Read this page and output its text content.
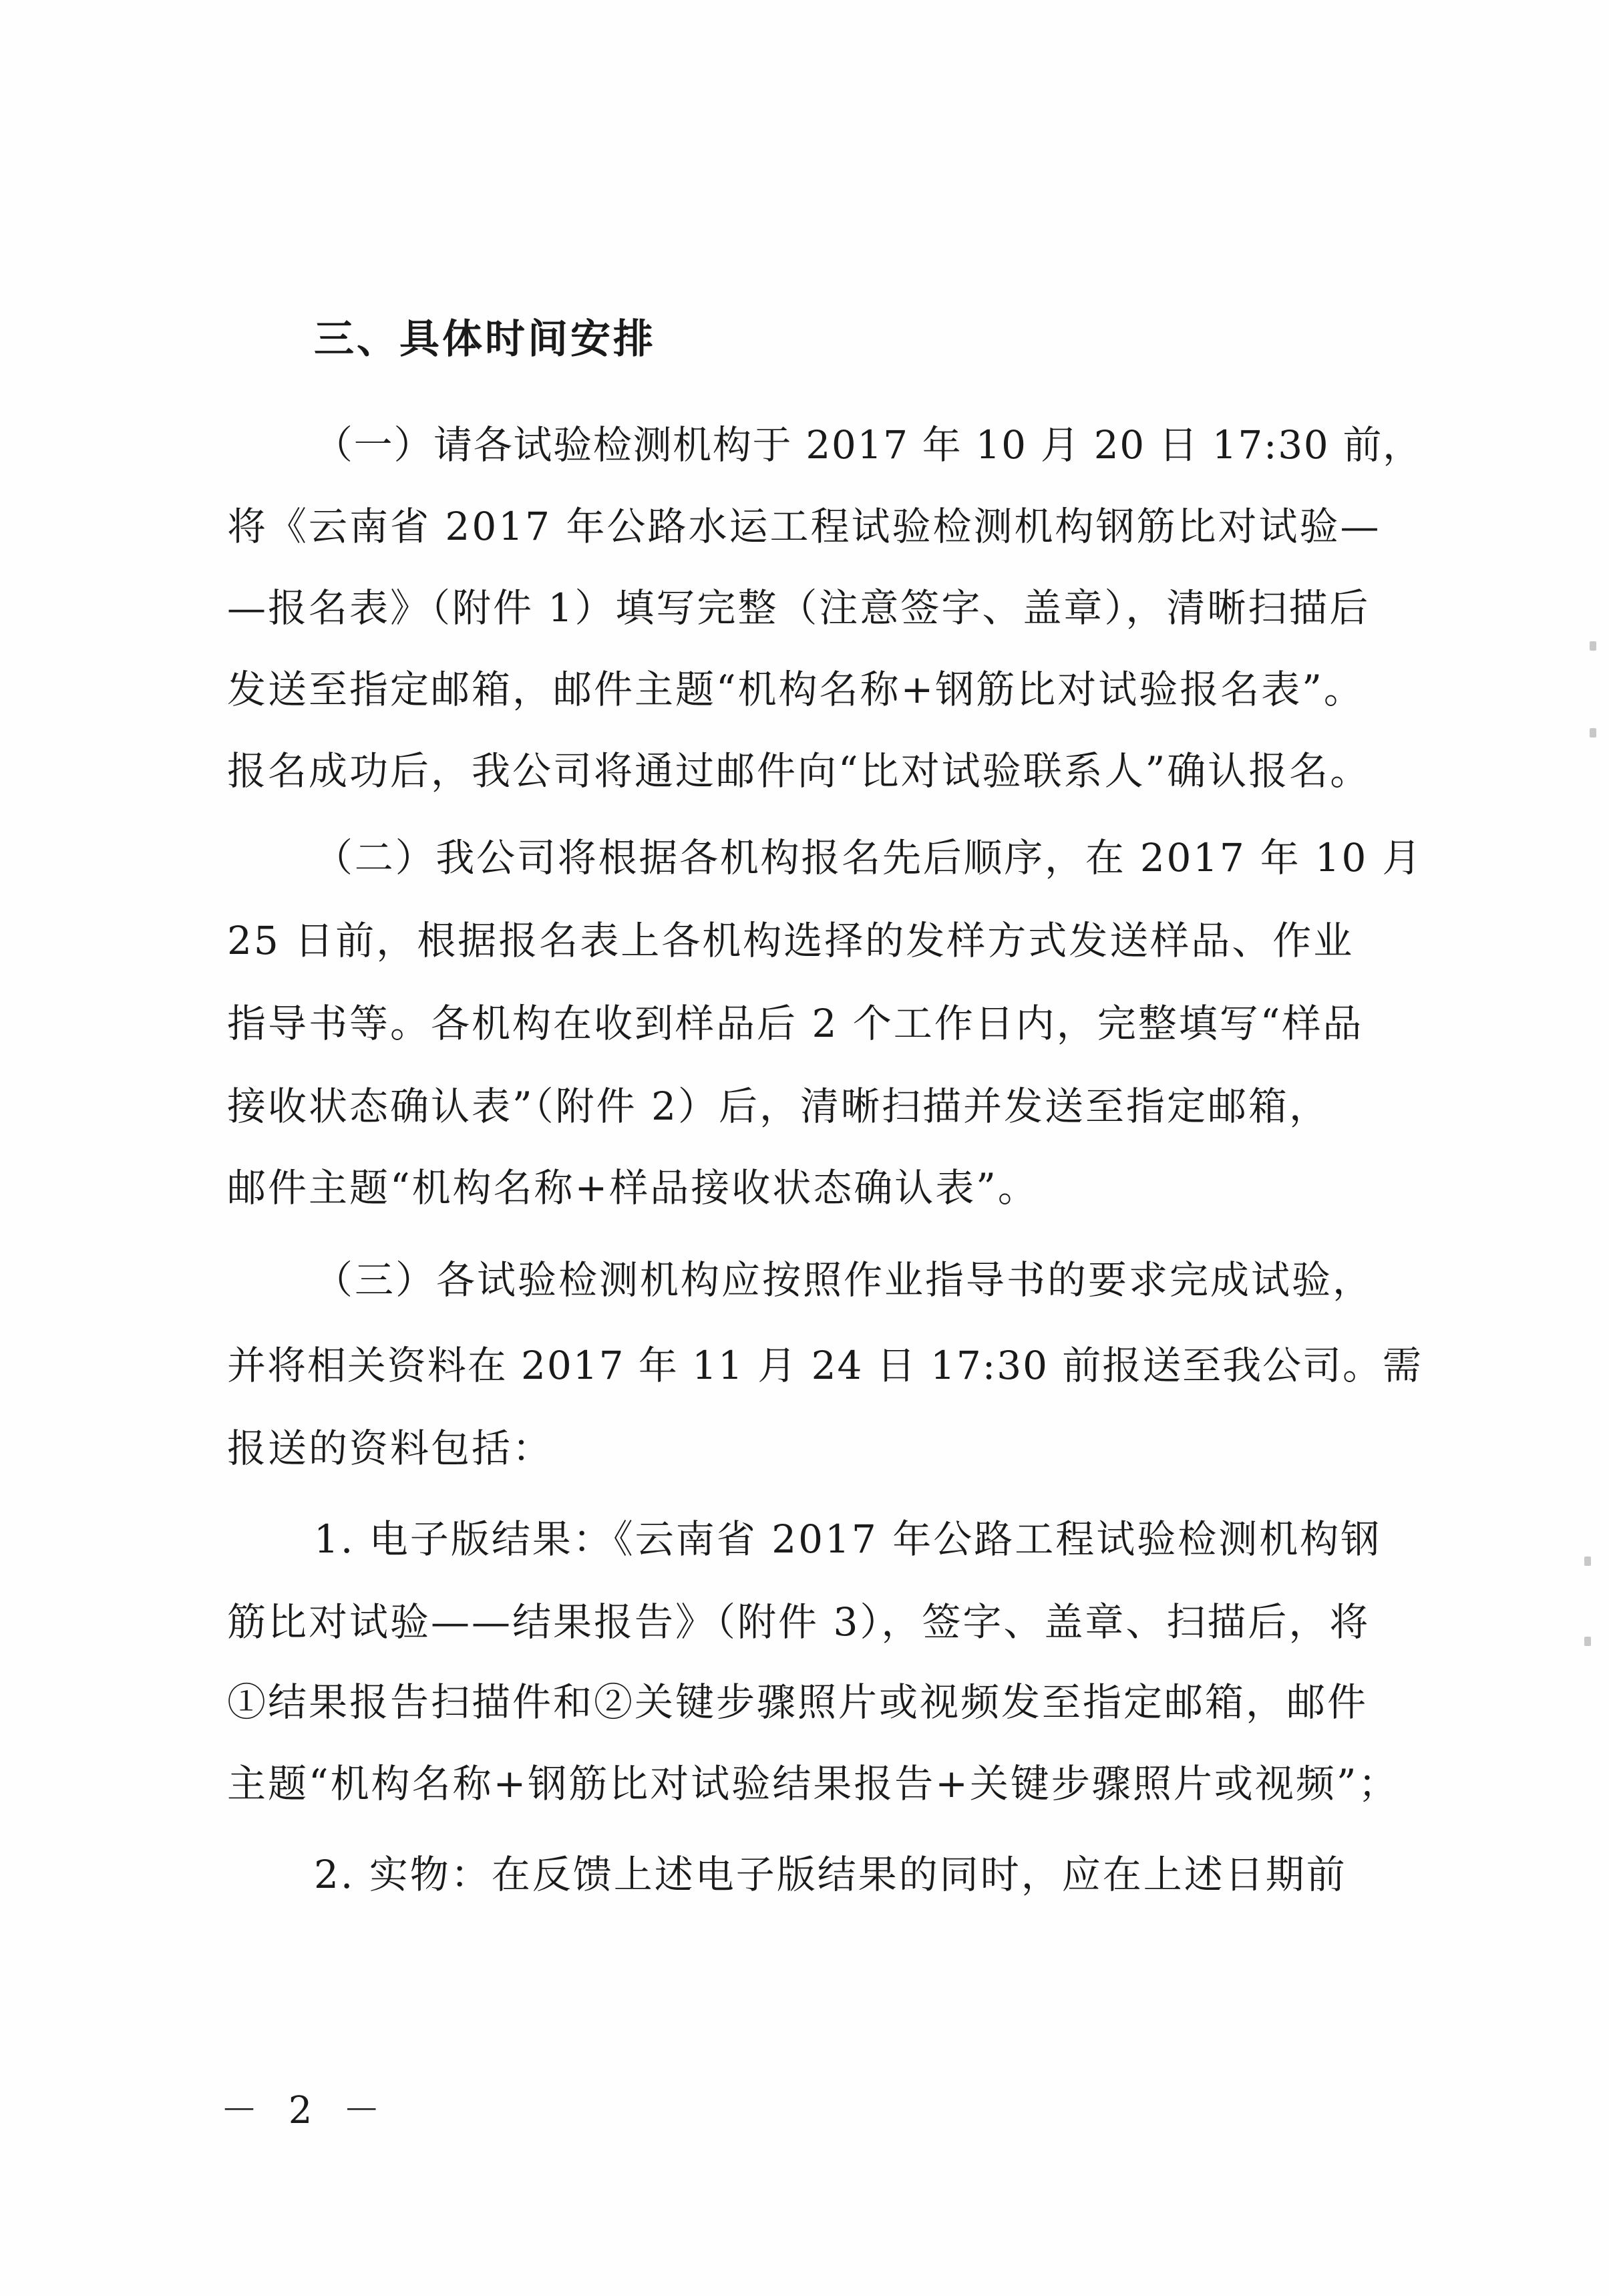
三、具体时间安排
（一）请各试验检测机构于 2017 年 10 月 20 日 17:30 前，
将《云南省 2017 年公路水运工程试验检测机构钢筋比对试验—
—报名表》（附件 1）填写完整（注意签字、盖章），清晰扫描后
发送至指定邮箱，邮件主题“机构名称+钢筋比对试验报名表”。
报名成功后，我公司将通过邮件向“比对试验联系人”确认报名。
（二）我公司将根据各机构报名先后顺序，在 2017 年 10 月
25 日前，根据报名表上各机构选择的发样方式发送样品、作业
指导书等。各机构在收到样品后 2 个工作日内，完整填写“样品
接收状态确认表”（附件 2）后，清晰扫描并发送至指定邮箱，
邮件主题“机构名称+样品接收状态确认表”。
（三）各试验检测机构应按照作业指导书的要求完成试验，
并将相关资料在 2017 年 11 月 24 日 17:30 前报送至我公司。需
报送的资料包括：
1. 电子版结果：《云南省 2017 年公路工程试验检测机构钢
筋比对试验——结果报告》（附件 3），签字、盖章、扫描后，将
①结果报告扫描件和②关键步骤照片或视频发至指定邮箱，邮件
主题“机构名称+钢筋比对试验结果报告+关键步骤照片或视频”；
2. 实物：在反馈上述电子版结果的同时，应在上述日期前
－ 2 －
